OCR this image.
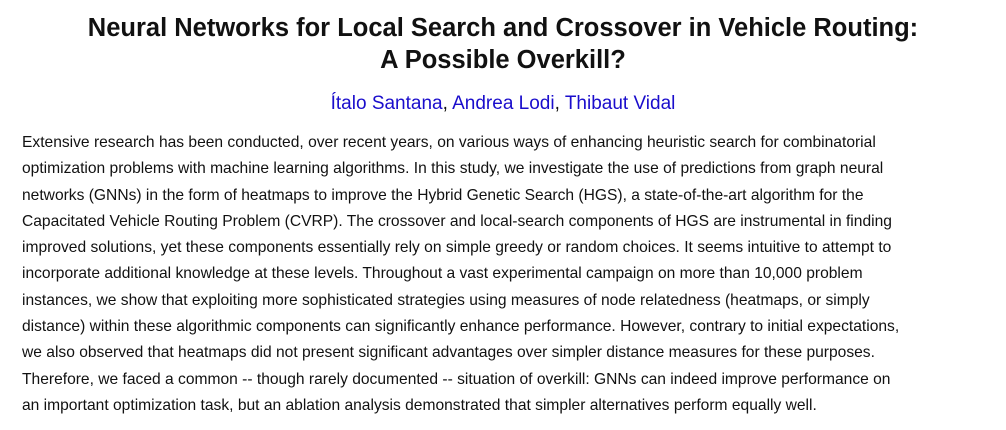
Neural Networks for Local Search and Crossover in Vehicle Routing:
A Possible Overkill?
Ítalo Santana, Andrea Lodi, Thibaut Vidal

Extensive research has been conducted, over recent years, on various ways of enhancing heuristic search for combinatorial
optimization problems with machine learning algorithms. In this study, we investigate the use of predictions from graph neural
networks (GNNs) in the form of heatmaps to improve the Hybrid Genetic Search (HGS), a state-of-the-art algorithm for the
Capacitated Vehicle Routing Problem (CVRP). The crossover and local-search components of HGS are instrumental in finding
improved solutions, yet these components essentially rely on simple greedy or random choices. It seems intuitive to attempt to
incorporate additional knowledge at these levels. Throughout a vast experimental campaign on more than 10,000 problem
instances, we show that exploiting more sophisticated strategies using measures of node relatedness (heatmaps, or simply
distance) within these algorithmic components can significantly enhance performance. However, contrary to initial expectations,
we also observed that heatmaps did not present significant advantages over simpler distance measures for these purposes.
Therefore, we faced a common -- though rarely documented -- situation of overkill: GNNs can indeed improve performance on
an important optimization task, but an ablation analysis demonstrated that simpler alternatives perform equally well.
